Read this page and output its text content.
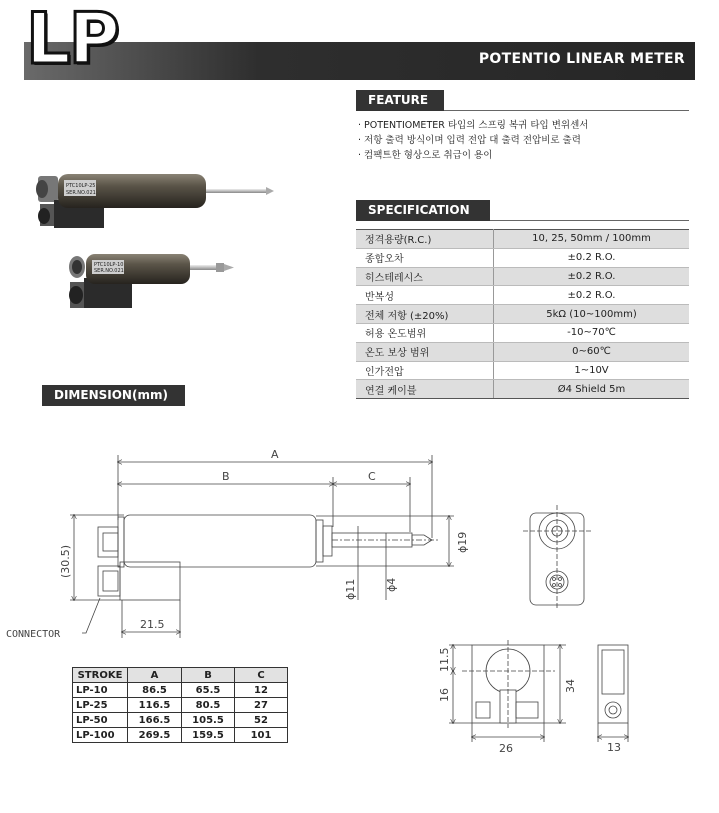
LP	POTENTIO LINEAR METER
FEATURE
· POTENTIOMETER 타입의 스프링 복귀 타입 변위센서
· 저항 출력 방식이며 입력 전압 대 출력 전압비로 출력
· 컴팩트한 형상으로 취급이 용이
SPECIFICATION
정격용량(R.C.)	10, 25, 50mm / 100mm
종합오차	±0.2 R.O.
히스테레시스	±0.2 R.O.
반복성	±0.2 R.O.
전체 저항 (±20%)	5kΩ (10~100mm)
허용 온도범위	-10~70℃
온도 보상 범위	0~60℃
인가전압	1~10V
연결 케이블	Ø4 Shield 5m
PTC10LP-25
SER.NO.021
PTC10LP-10
SER.NO.021
DIMENSION(mm)
A
B	C
(30.5)
ϕ19
ϕ11	ϕ4
21.5
CONNECTOR
11.5
16
34
26	13
STROKE	A	B	C
LP-10	86.5	65.5	12
LP-25	116.5	80.5	27
LP-50	166.5	105.5	52
LP-100	269.5	159.5	101
